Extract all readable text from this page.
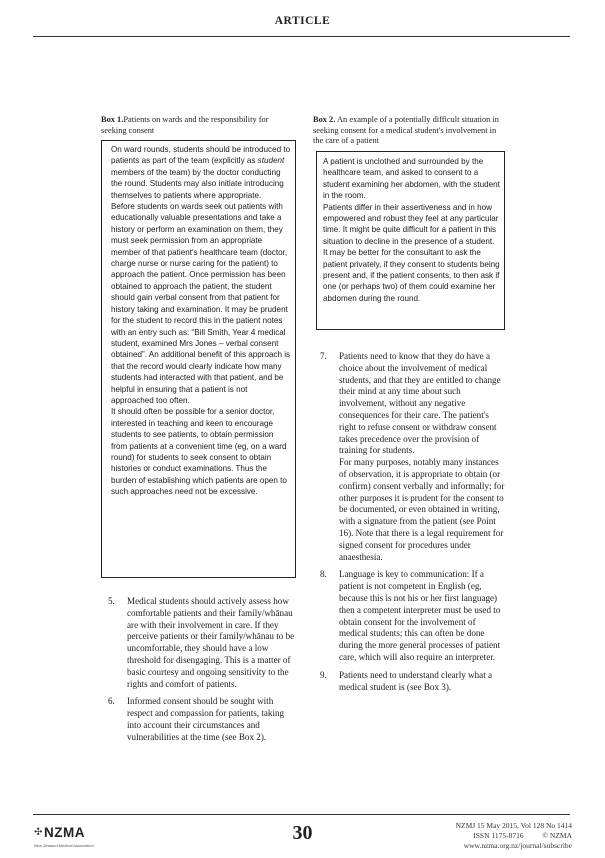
ARTICLE
Box 1.Patients on wards and the responsibility for seeking consent

On ward rounds, students should be introduced to patients as part of the team (explicitly as student members of the team) by the doctor conducting the round. Students may also initiate introducing themselves to patients where appropriate.

Before students on wards seek out patients with educationally valuable presentations and take a history or perform an examination on them, they must seek permission from an appropriate member of that patient's healthcare team (doctor, charge nurse or nurse caring for the patient) to approach the patient. Once permission has been obtained to approach the patient, the student should gain verbal consent from that patient for history taking and examination. It may be prudent for the student to record this in the patient notes with an entry such as: “Bill Smith, Year 4 medical student, examined Mrs Jones – verbal consent obtained”. An additional benefit of this approach is that the record would clearly indicate how many students had interacted with that patient, and be helpful in ensuring that a patient is not approached too often.

It should often be possible for a senior doctor, interested in teaching and keen to encourage students to see patients, to obtain permission from patients at a convenient time (eg, on a ward round) for students to seek consent to obtain histories or conduct examinations. Thus the burden of establishing which patients are open to such approaches need not be excessive.

Box 2. An example of a potentially difficult situation in seeking consent for a medical student's involvement in the care of a patient

A patient is unclothed and surrounded by the healthcare team, and asked to consent to a student examining her abdomen, with the student in the room.

Patients differ in their assertiveness and in how empowered and robust they feel at any particular time. It might be quite difficult for a patient in this situation to decline in the presence of a student. It may be better for the consultant to ask the patient privately, if they consent to students being present and, if the patient consents, to then ask if one (or perhaps two) of them could examine her abdomen during the round.

5. Medical students should actively assess how comfortable patients and their family/whānau are with their involvement in care. If they perceive patients or their family/whānau to be uncomfortable, they should have a low threshold for disengaging. This is a matter of basic courtesy and ongoing sensitivity to the rights and comfort of patients.

6. Informed consent should be sought with respect and compassion for patients, taking into account their circumstances and vulnerabilities at the time (see Box 2).

7. Patients need to know that they do have a choice about the involvement of medical students, and that they are entitled to change their mind at any time about such involvement, without any negative consequences for their care. The patient's right to refuse consent or withdraw consent takes precedence over the provision of training for students.

For many purposes, notably many instances of observation, it is appropriate to obtain (or confirm) consent verbally and informally; for other purposes it is prudent for the consent to be documented, or even obtained in writing, with a signature from the patient (see Point 16). Note that there is a legal requirement for signed consent for procedures under anaesthesia.

8. Language is key to communication: If a patient is not competent in English (eg, because this is not his or her first language) then a competent interpreter must be used to obtain consent for the involvement of medical students; this can often be done during the more general processes of patient care, which will also require an interpreter.

9. Patients need to understand clearly what a medical student is (see Box 3).

✣ NZMA
New Zealand Medical Association
30	NZMJ 15 May 2015, Vol 128 No 1414
ISSN 1175-8716	© NZMA
www.nzma.org.nz/journal/subscribe
